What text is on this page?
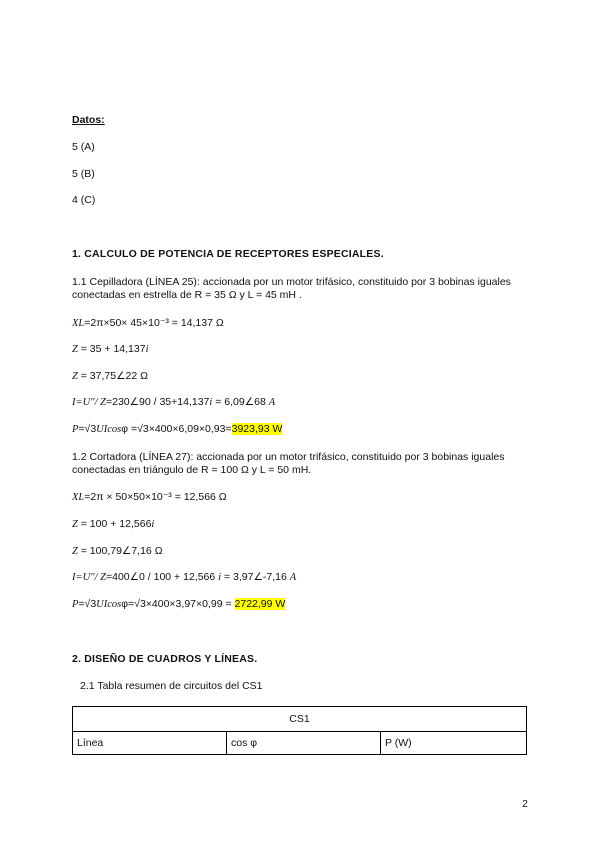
Datos:
5 (A)
5 (B)
4 (C)
1. CALCULO DE POTENCIA DE RECEPTORES ESPECIALES.
1.1 Cepilladora (LÍNEA 25): accionada por un motor trifásico, constituido por 3 bobinas iguales conectadas en estrella de R = 35 Ω y L = 45 mH .
XL=2π×50× 45×10⁻³ = 14,137 Ω
Z = 35 + 14,137i
Z = 37,75∠22 Ω
I=U"/ Z=230∠90 / 35+14,137i = 6,09∠68 A
P=√3UIcosφ =√3×400×6,09×0,93=3923,93 W
1.2 Cortadora (LÍNEA 27): accionada por un motor trifásico, constituido por 3 bobinas iguales conectadas en triángulo de R = 100 Ω y L = 50 mH.
XL=2π × 50×50×10⁻³ = 12,566 Ω
Z = 100 + 12,566i
Z = 100,79∠7,16 Ω
I=U"/ Z=400∠0 / 100 + 12,566 i = 3,97∠-7,16 A
P=√3UIcosφ=√3×400×3,97×0,99 = 2722,99 W
2. DISEÑO DE CUADROS Y LÍNEAS.
2.1 Tabla resumen de circuitos del CS1
CS1
Línea	cos φ	P (W)
2
